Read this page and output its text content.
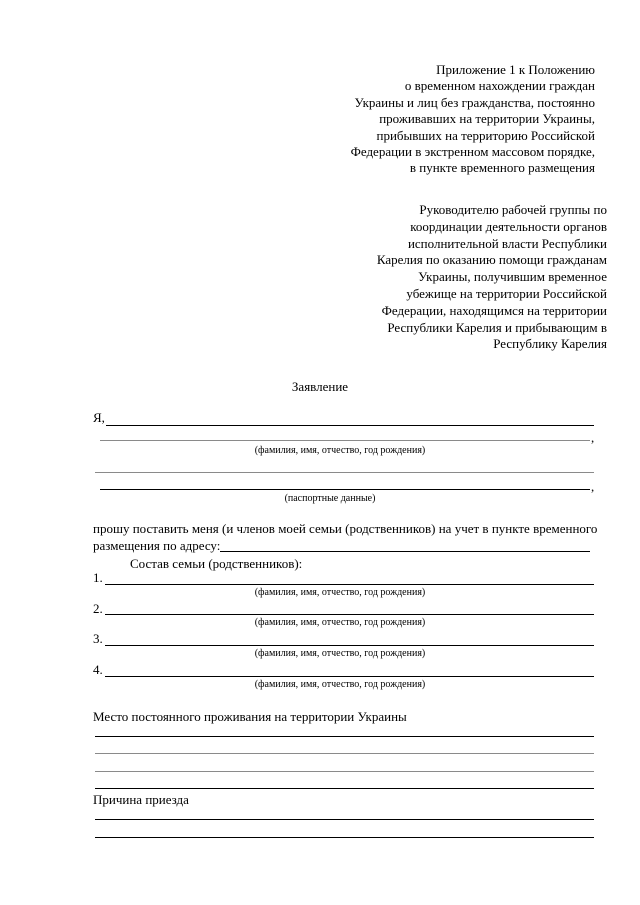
Приложение 1 к Положению
о временном нахождении граждан
Украины и лиц без гражданства, постоянно
проживавших на территории Украины,
прибывших на территорию Российской
Федерации в экстренном массовом порядке,
в пункте временного размещения
Руководителю рабочей группы по
координации деятельности органов
исполнительной власти Республики
Карелия по оказанию помощи гражданам
Украины, получившим временное
убежище на территории Российской
Федерации, находящимся на территории
Республики Карелия и прибывающим в
Республику Карелия
Заявление
Я,
,
(фамилия, имя, отчество, год рождения)
,
(паспортные данные)
прошу поставить меня (и членов моей семьи (родственников) на учет в пункте временного
размещения по адресу:
Состав семьи (родственников):
1.
(фамилия, имя, отчество, год рождения)
2.
(фамилия, имя, отчество, год рождения)
3.
(фамилия, имя, отчество, год рождения)
4.
(фамилия, имя, отчество, год рождения)
Место постоянного проживания на территории Украины
Причина приезда
